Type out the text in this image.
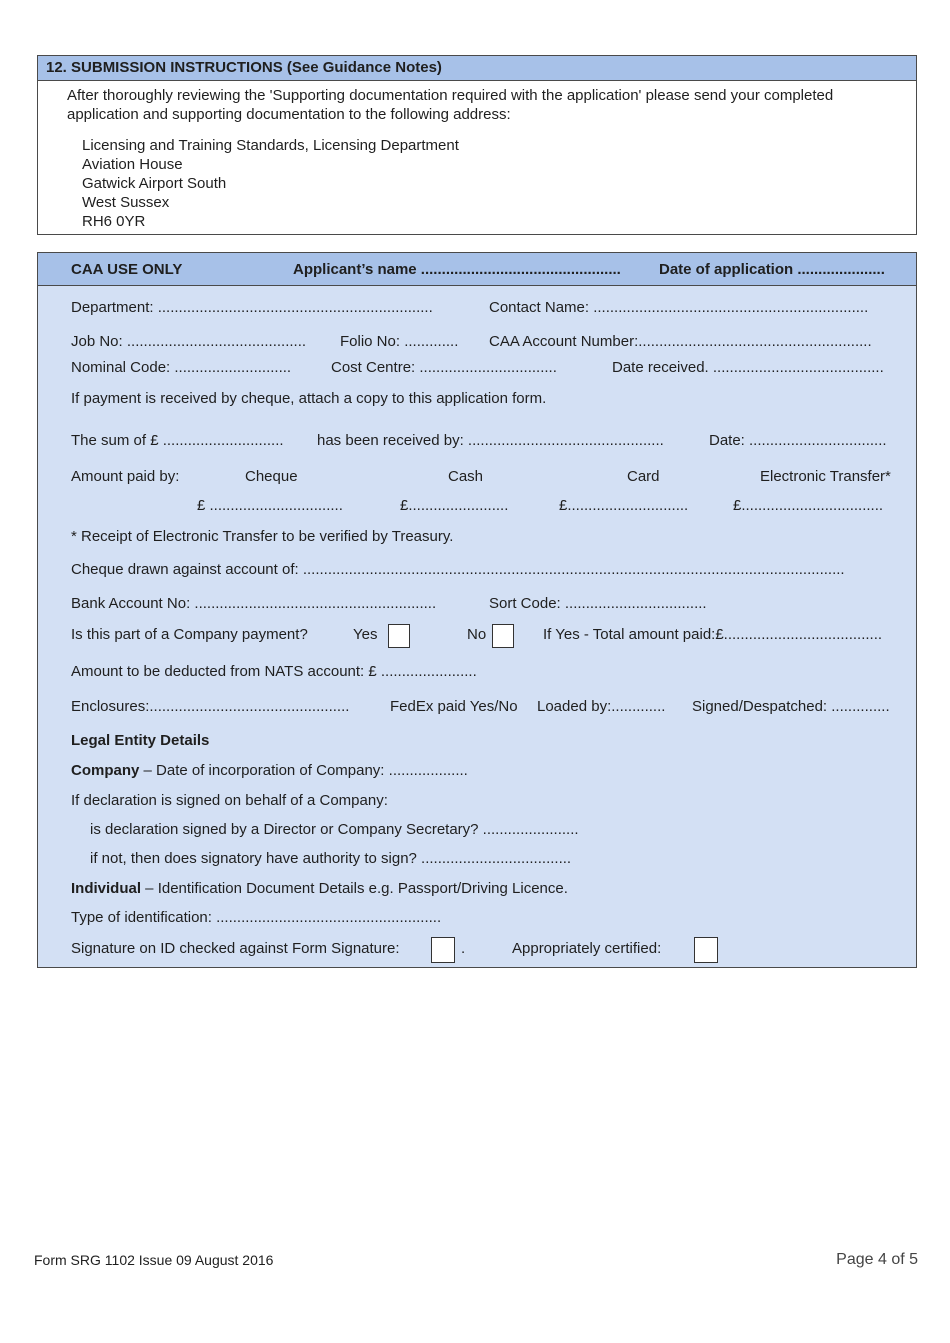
12. SUBMISSION INSTRUCTIONS (See Guidance Notes)
After thoroughly reviewing the 'Supporting documentation required with the application' please send your completed
application and supporting documentation to the following address:
Licensing and Training Standards, Licensing Department
Aviation House
Gatwick Airport South
West Sussex
RH6 0YR
CAA USE ONLY	Applicant’s name ................................................	Date of application .....................
Department: ..................................................................	Contact Name: ..................................................................
Job No: ........................................... Folio No: ............. CAA Account Number:........................................................
Nominal Code: ............................	Cost Centre: .................................	Date received. .........................................
If payment is received by cheque, attach a copy to this application form.
The sum of £ ............................. has been received by: ...............................................	Date: .................................
Amount paid by:	Cheque	Cash	Card	Electronic Transfer*
£ ................................	£........................	£.............................	£..................................
* Receipt of Electronic Transfer to be verified by Treasury.
Cheque drawn against account of: ..................................................................................................................................
Bank Account No: ..........................................................	Sort Code: ..................................
Is this part of a Company payment?	Yes	No	If Yes - Total amount paid:£......................................
Amount to be deducted from NATS account: £ .......................
Enclosures:................................................	FedEx paid Yes/No Loaded by:............. Signed/Despatched: ..............
Legal Entity Details
Company – Date of incorporation of Company: ...................
If declaration is signed on behalf of a Company:
is declaration signed by a Director or Company Secretary? .......................
if not, then does signatory have authority to sign? ....................................
Individual – Identification Document Details e.g. Passport/Driving Licence.
Type of identification: ......................................................
Signature on ID checked against Form Signature:	.	Appropriately certified:
Form SRG 1102 Issue 09 August 2016	Page 4 of 5
